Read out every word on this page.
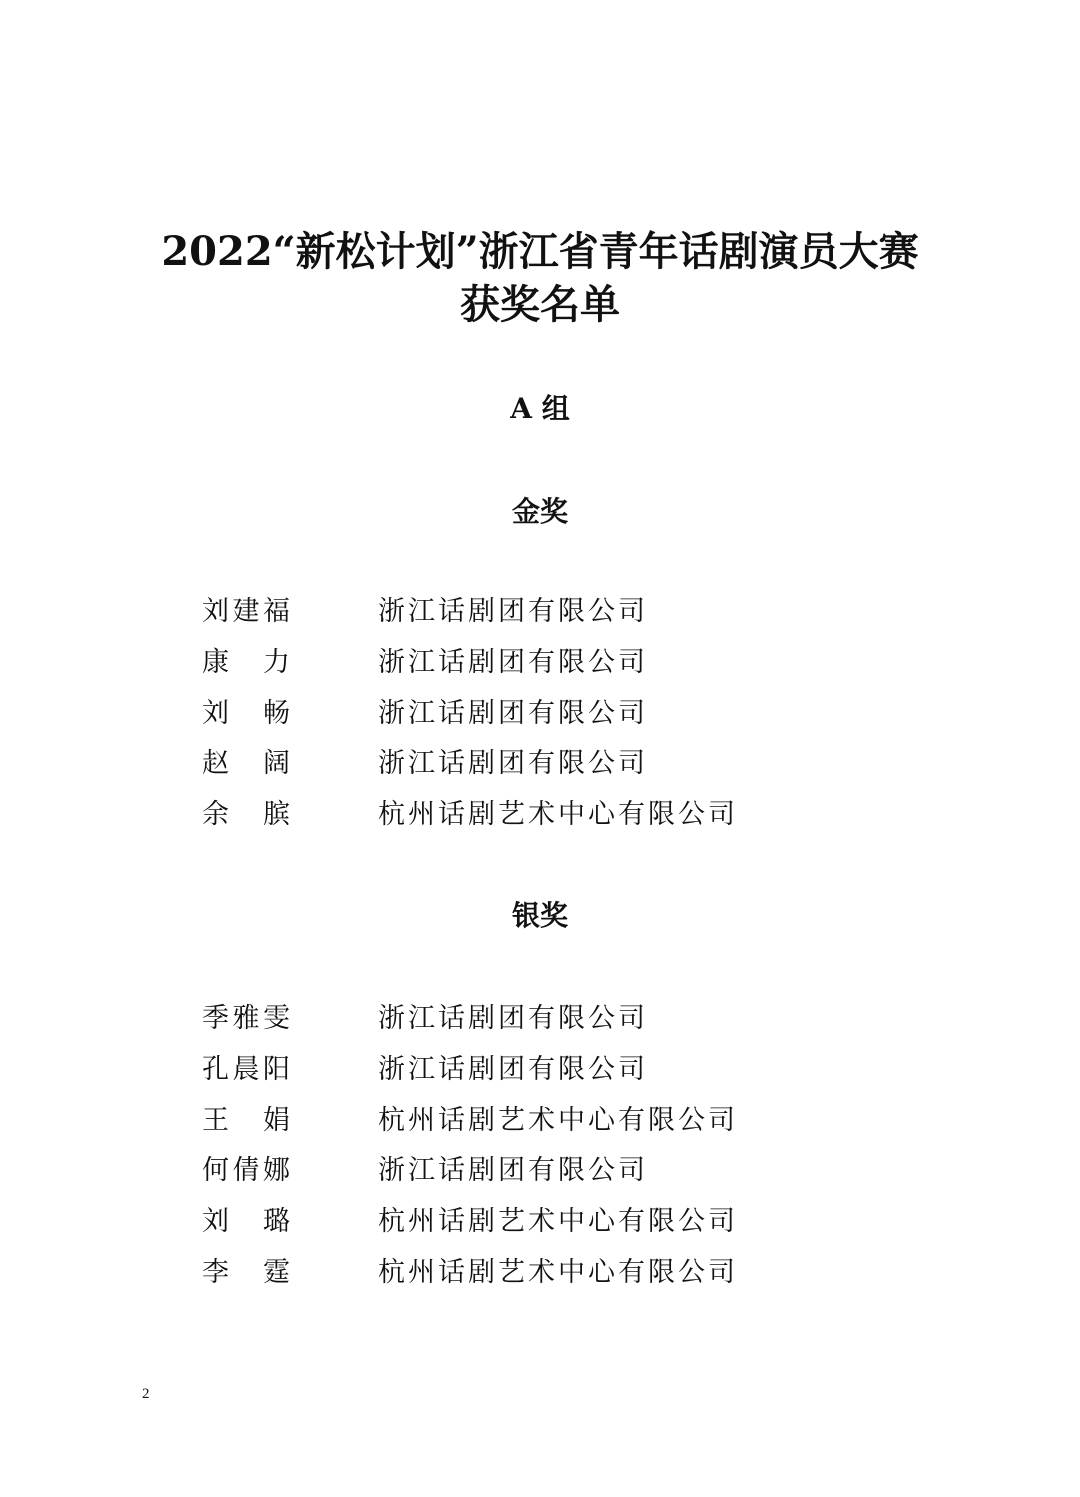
2022“新松计划”浙江省青年话剧演员大赛
获奖名单
A 组
金奖
刘建福	浙江话剧团有限公司
康 力	浙江话剧团有限公司
刘 畅	浙江话剧团有限公司
赵 阔	浙江话剧团有限公司
余 膑	杭州话剧艺术中心有限公司
银奖
季雅雯	浙江话剧团有限公司
孔晨阳	浙江话剧团有限公司
王 娟	杭州话剧艺术中心有限公司
何倩娜	浙江话剧团有限公司
刘 璐	杭州话剧艺术中心有限公司
李 霆	杭州话剧艺术中心有限公司
2
